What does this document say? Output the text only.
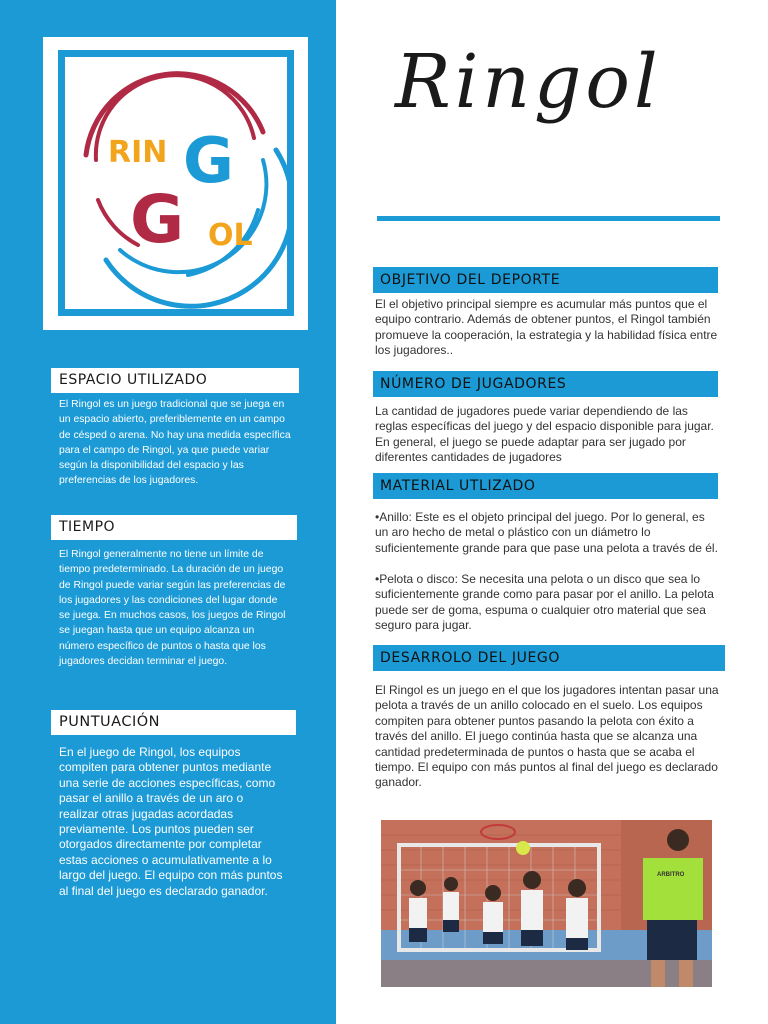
RIN G
G OL
ESPACIO UTILIZADO

El Ringol es un juego tradicional que se juega en un espacio abierto, preferiblemente en un campo de césped o arena. No hay una medida específica para el campo de Ringol, ya que puede variar según la disponibilidad del espacio y las preferencias de los jugadores.

TIEMPO

El Ringol generalmente no tiene un límite de tiempo predeterminado. La duración de un juego de Ringol puede variar según las preferencias de los jugadores y las condiciones del lugar donde se juega. En muchos casos, los juegos de Ringol se juegan hasta que un equipo alcanza un número específico de puntos o hasta que los jugadores decidan terminar el juego.

PUNTUACIÓN

En el juego de Ringol, los equipos compiten para obtener puntos mediante una serie de acciones específicas, como pasar el anillo a través de un aro o realizar otras jugadas acordadas previamente. Los puntos pueden ser otorgados directamente por completar estas acciones o acumulativamente a lo largo del juego. El equipo con más puntos al final del juego es declarado ganador.

Ringol
OBJETIVO DEL DEPORTE

El el objetivo principal siempre es acumular más puntos que el equipo contrario. Además de obtener puntos, el Ringol también promueve la cooperación, la estrategia y la habilidad física entre los jugadores..

NÚMERO DE JUGADORES

La cantidad de jugadores puede variar dependiendo de las reglas específicas del juego y del espacio disponible para jugar. En general, el juego se puede adaptar para ser jugado por diferentes cantidades de jugadores

MATERIAL UTLIZADO

•Anillo: Este es el objeto principal del juego. Por lo general, es un aro hecho de metal o plástico con un diámetro lo suficientemente grande para que pase una pelota a través de él.

•Pelota o disco: Se necesita una pelota o un disco que sea lo suficientemente grande como para pasar por el anillo. La pelota puede ser de goma, espuma o cualquier otro material que sea seguro para jugar.

DESARROLO DEL JUEGO

El Ringol es un juego en el que los jugadores intentan pasar una pelota a través de un anillo colocado en el suelo. Los equipos compiten para obtener puntos pasando la pelota con éxito a través del anillo. El juego continúa hasta que se alcanza una cantidad predeterminada de puntos o hasta que se acaba el tiempo. El equipo con más puntos al final del juego es declarado ganador.

ARBITRO
